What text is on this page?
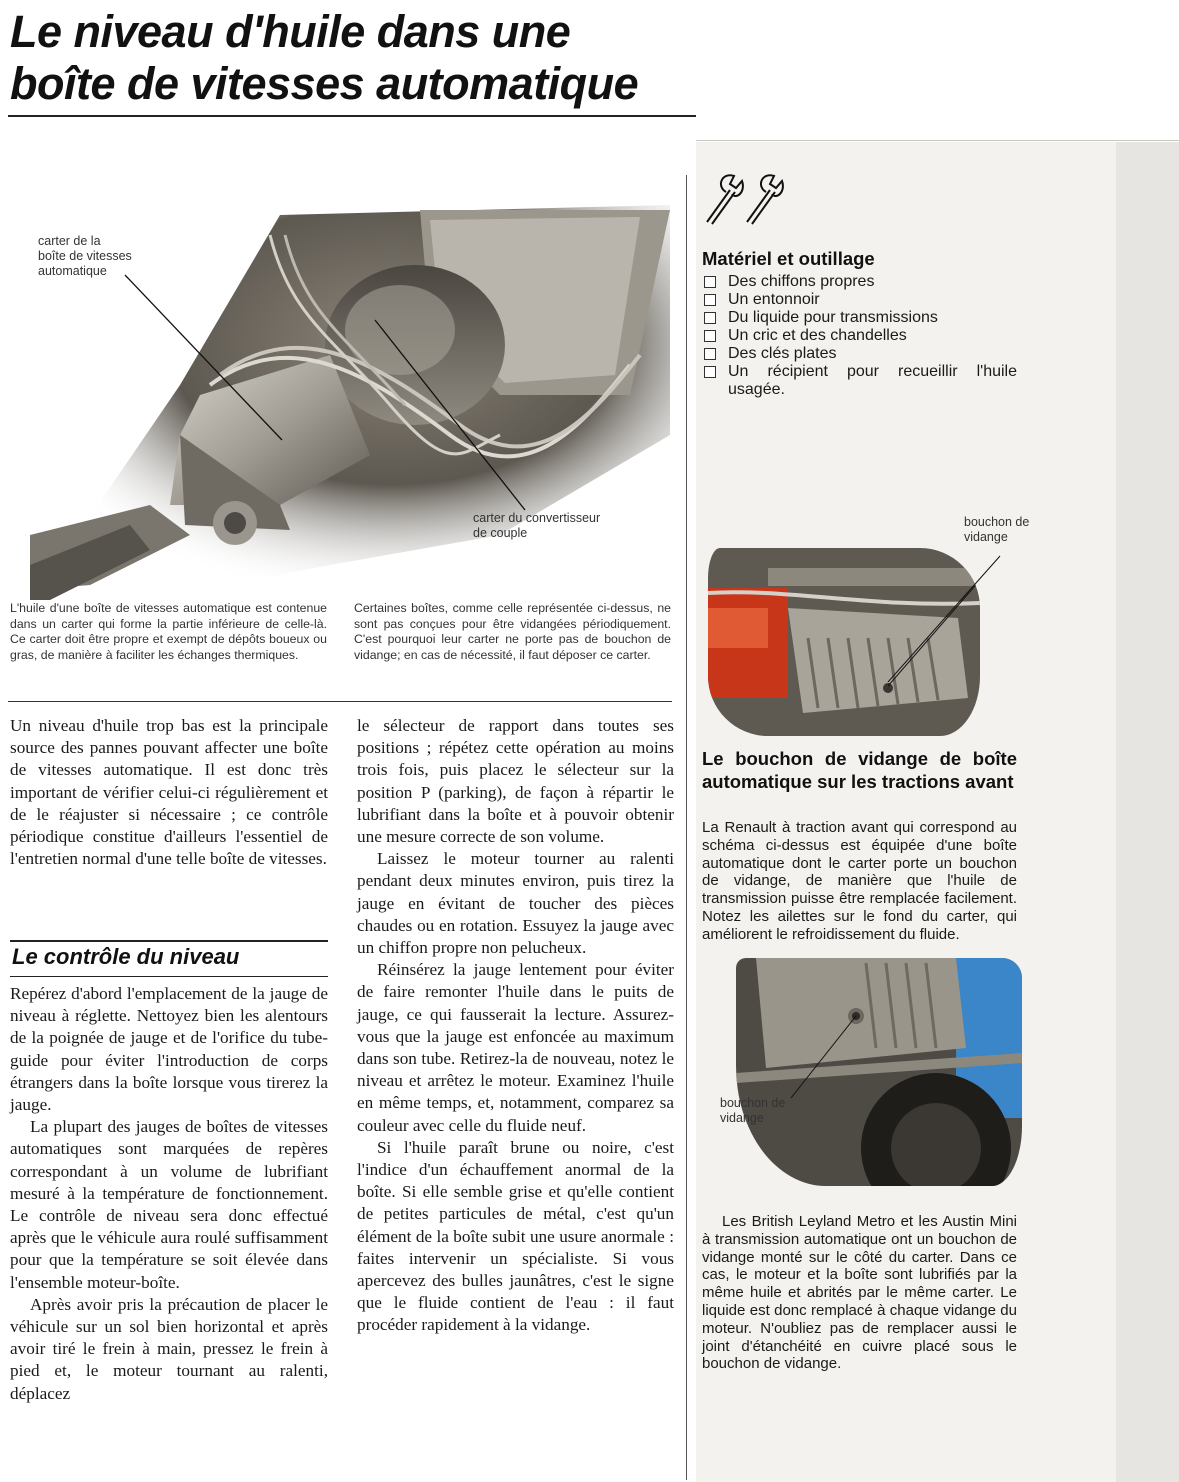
Le niveau d'huile dans une
boîte de vitesses automatique
carter de la
boîte de vitesses
automatique
carter du convertisseur
de couple
L'huile d'une boîte de vitesses automatique est contenue dans un carter qui forme la partie inférieure de celle-là. Ce carter doit être propre et exempt de dépôts boueux ou gras, de manière à faciliter les échanges thermiques.
Certaines boîtes, comme celle représentée ci-dessus, ne sont pas conçues pour être vidangées périodiquement. C'est pourquoi leur carter ne porte pas de bouchon de vidange; en cas de nécessité, il faut déposer ce carter.

Un niveau d'huile trop bas est la principale source des pannes pouvant affecter une boîte de vitesses automatique. Il est donc très important de vérifier celui-ci régulièrement et de le réajuster si nécessaire ; ce contrôle périodique constitue d'ailleurs l'essentiel de l'entretien normal d'une telle boîte de vitesses.

Le contrôle du niveau

Repérez d'abord l'emplacement de la jauge de niveau à réglette. Nettoyez bien les alentours de la poignée de jauge et de l'orifice du tube-guide pour éviter l'introduction de corps étrangers dans la boîte lorsque vous tirerez la jauge.

La plupart des jauges de boîtes de vitesses automatiques sont marquées de repères correspondant à un volume de lubrifiant mesuré à la température de fonctionnement. Le contrôle de niveau sera donc effectué après que le véhicule aura roulé suffisamment pour que la température se soit élevée dans l'ensemble moteur-boîte.

Après avoir pris la précaution de placer le véhicule sur un sol bien horizontal et après avoir tiré le frein à main, pressez le frein à pied et, le moteur tournant au ralenti, déplacez

le sélecteur de rapport dans toutes ses positions ; répétez cette opération au moins trois fois, puis placez le sélecteur sur la position P (parking), de façon à répartir le lubrifiant dans la boîte et à pouvoir obtenir une mesure correcte de son volume.

Laissez le moteur tourner au ralenti pendant deux minutes environ, puis tirez la jauge en évitant de toucher des pièces chaudes ou en rotation. Essuyez la jauge avec un chiffon propre non pelucheux.

Réinsérez la jauge lentement pour éviter de faire remonter l'huile dans le puits de jauge, ce qui fausserait la lecture. Assurez-vous que la jauge est enfoncée au maximum dans son tube. Retirez-la de nouveau, notez le niveau et arrêtez le moteur. Examinez l'huile en même temps, et, notamment, comparez sa couleur avec celle du fluide neuf.

Si l'huile paraît brune ou noire, c'est l'indice d'un échauffement anormal de la boîte. Si elle semble grise et qu'elle contient de petites particules de métal, c'est qu'un élément de la boîte subit une usure anormale : faites intervenir un spécialiste. Si vous apercevez des bulles jaunâtres, c'est le signe que le fluide contient de l'eau : il faut procéder rapidement à la vidange.

Matériel et outillage
Des chiffons propres
Un entonnoir
Du liquide pour transmissions
Un cric et des chandelles
Des clés plates
Un récipient pour recueillir l'huile usagée.
bouchon de
vidange
Le bouchon de vidange de boîte automatique sur les tractions avant
La Renault à traction avant qui correspond au schéma ci-dessus est équipée d'une boîte automatique dont le carter porte un bouchon de vidange, de manière que l'huile de transmission puisse être remplacée facilement. Notez les ailettes sur le fond du carter, qui améliorent le refroidissement du fluide.
bouchon de
vidange
Les British Leyland Metro et les Austin Mini à transmission automatique ont un bouchon de vidange monté sur le côté du carter. Dans ce cas, le moteur et la boîte sont lubrifiés par la même huile et abrités par le même carter. Le liquide est donc remplacé à chaque vidange du moteur. N'oubliez pas de remplacer aussi le joint d'étanchéité en cuivre placé sous le bouchon de vidange.
